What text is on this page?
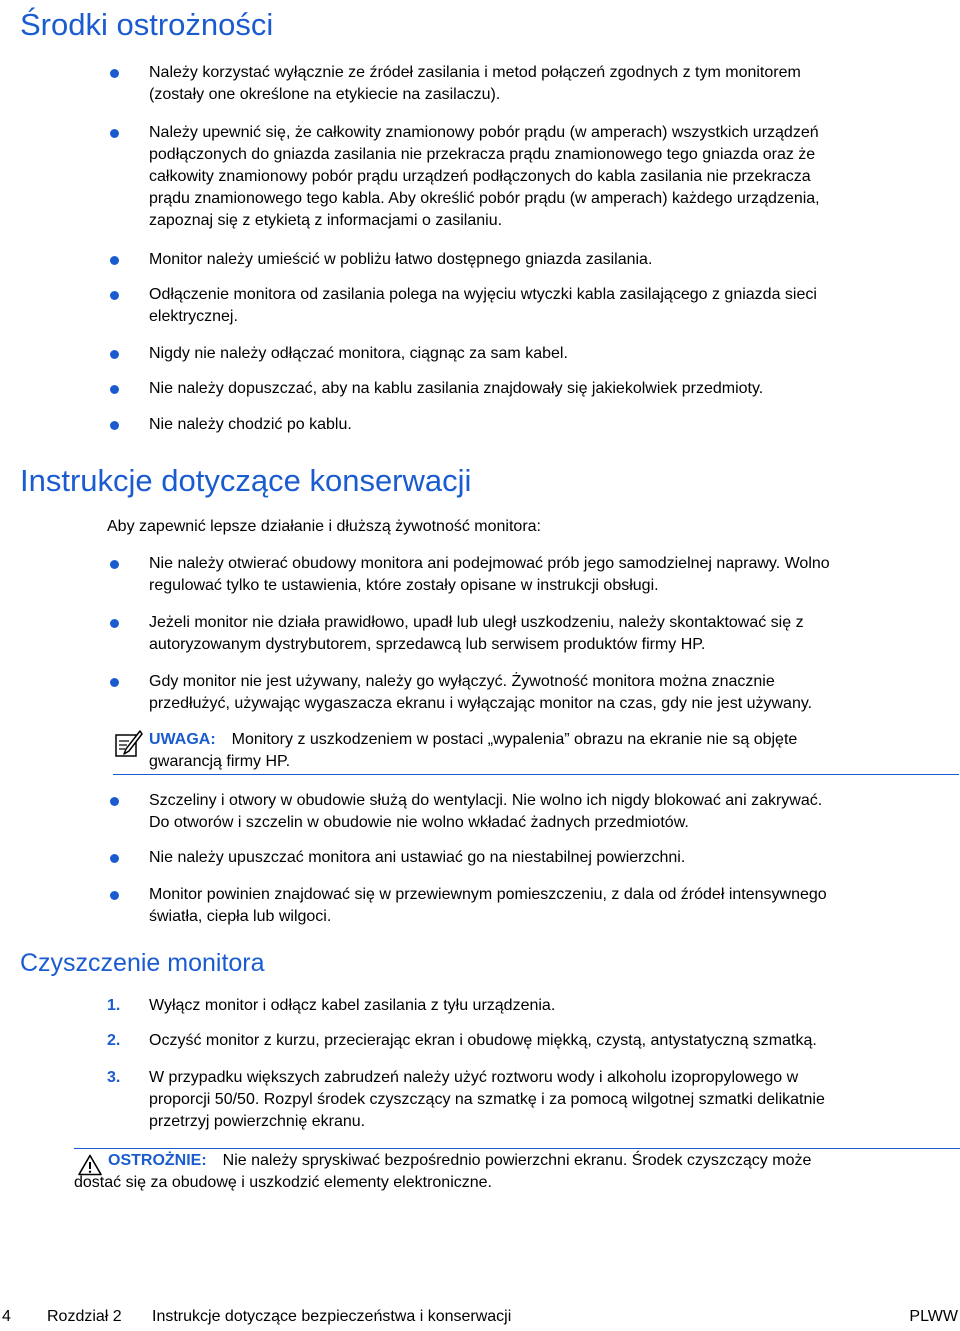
Środki ostrożności
Należy korzystać wyłącznie ze źródeł zasilania i metod połączeń zgodnych z tym monitorem
(zostały one określone na etykiecie na zasilaczu).
Należy upewnić się, że całkowity znamionowy pobór prądu (w amperach) wszystkich urządzeń
podłączonych do gniazda zasilania nie przekracza prądu znamionowego tego gniazda oraz że
całkowity znamionowy pobór prądu urządzeń podłączonych do kabla zasilania nie przekracza
prądu znamionowego tego kabla. Aby określić pobór prądu (w amperach) każdego urządzenia,
zapoznaj się z etykietą z informacjami o zasilaniu.
Monitor należy umieścić w pobliżu łatwo dostępnego gniazda zasilania.
Odłączenie monitora od zasilania polega na wyjęciu wtyczki kabla zasilającego z gniazda sieci
elektrycznej.
Nigdy nie należy odłączać monitora, ciągnąc za sam kabel.
Nie należy dopuszczać, aby na kablu zasilania znajdowały się jakiekolwiek przedmioty.
Nie należy chodzić po kablu.
Instrukcje dotyczące konserwacji

Aby zapewnić lepsze działanie i dłuższą żywotność monitora:

Nie należy otwierać obudowy monitora ani podejmować prób jego samodzielnej naprawy. Wolno
regulować tylko te ustawienia, które zostały opisane w instrukcji obsługi.
Jeżeli monitor nie działa prawidłowo, upadł lub uległ uszkodzeniu, należy skontaktować się z
autoryzowanym dystrybutorem, sprzedawcą lub serwisem produktów firmy HP.
Gdy monitor nie jest używany, należy go wyłączyć. Żywotność monitora można znacznie
przedłużyć, używając wygaszacza ekranu i wyłączając monitor na czas, gdy nie jest używany.
UWAGA: Monitory z uszkodzeniem w postaci „wypalenia” obrazu na ekranie nie są objęte
gwarancją firmy HP.
Szczeliny i otwory w obudowie służą do wentylacji. Nie wolno ich nigdy blokować ani zakrywać.
Do otworów i szczelin w obudowie nie wolno wkładać żadnych przedmiotów.
Nie należy upuszczać monitora ani ustawiać go na niestabilnej powierzchni.
Monitor powinien znajdować się w przewiewnym pomieszczeniu, z dala od źródeł intensywnego
światła, ciepła lub wilgoci.
Czyszczenie monitora
1.	Wyłącz monitor i odłącz kabel zasilania z tyłu urządzenia.
2.	Oczyść monitor z kurzu, przecierając ekran i obudowę miękką, czystą, antystatyczną szmatką.
3.	W przypadku większych zabrudzeń należy użyć roztworu wody i alkoholu izopropylowego w
proporcji 50/50. Rozpyl środek czyszczący na szmatkę i za pomocą wilgotnej szmatki delikatnie
przetrzyj powierzchnię ekranu.
OSTROŻNIE: Nie należy spryskiwać bezpośrednio powierzchni ekranu. Środek czyszczący może
dostać się za obudowę i uszkodzić elementy elektroniczne.
4 Rozdział 2 Instrukcje dotyczące bezpieczeństwa i konserwacji	PLWW
